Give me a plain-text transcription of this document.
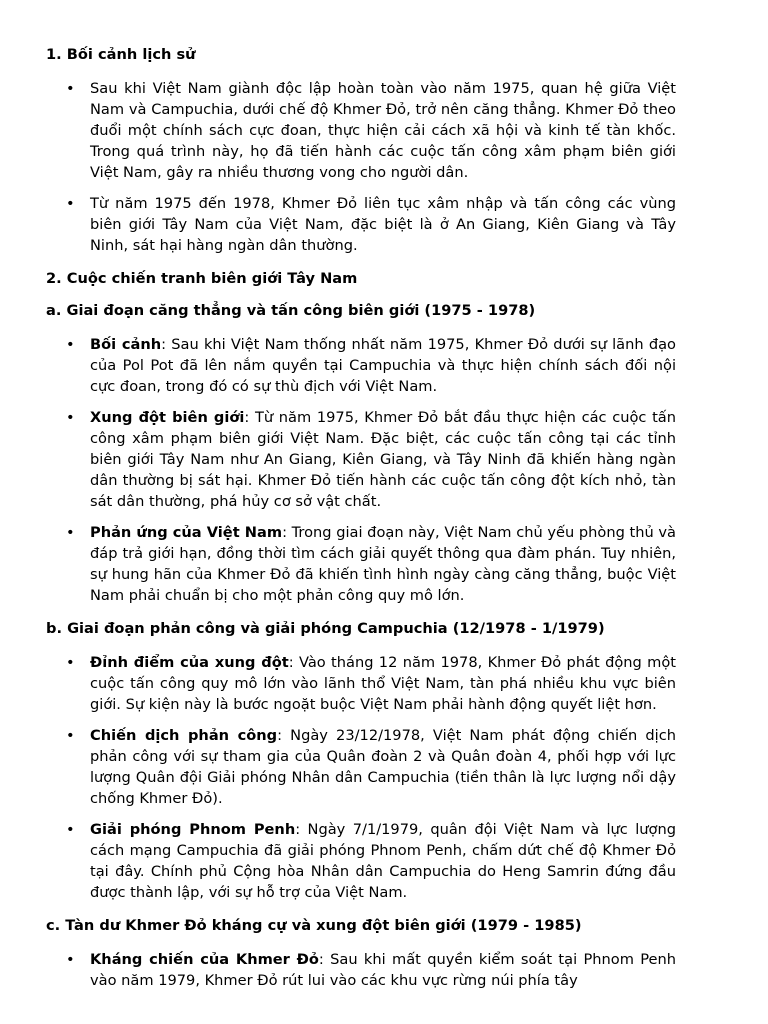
1. Bối cảnh lịch sử
• Sau khi Việt Nam giành độc lập hoàn toàn vào năm 1975, quan hệ giữa Việt Nam và Campuchia, dưới chế độ Khmer Đỏ, trở nên căng thẳng. Khmer Đỏ theo đuổi một chính sách cực đoan, thực hiện cải cách xã hội và kinh tế tàn khốc. Trong quá trình này, họ đã tiến hành các cuộc tấn công xâm phạm biên giới Việt Nam, gây ra nhiều thương vong cho người dân.
• Từ năm 1975 đến 1978, Khmer Đỏ liên tục xâm nhập và tấn công các vùng biên giới Tây Nam của Việt Nam, đặc biệt là ở An Giang, Kiên Giang và Tây Ninh, sát hại hàng ngàn dân thường.
2. Cuộc chiến tranh biên giới Tây Nam
a. Giai đoạn căng thẳng và tấn công biên giới (1975 - 1978)
• Bối cảnh: Sau khi Việt Nam thống nhất năm 1975, Khmer Đỏ dưới sự lãnh đạo của Pol Pot đã lên nắm quyền tại Campuchia và thực hiện chính sách đối nội cực đoan, trong đó có sự thù địch với Việt Nam.
• Xung đột biên giới: Từ năm 1975, Khmer Đỏ bắt đầu thực hiện các cuộc tấn công xâm phạm biên giới Việt Nam. Đặc biệt, các cuộc tấn công tại các tỉnh biên giới Tây Nam như An Giang, Kiên Giang, và Tây Ninh đã khiến hàng ngàn dân thường bị sát hại. Khmer Đỏ tiến hành các cuộc tấn công đột kích nhỏ, tàn sát dân thường, phá hủy cơ sở vật chất.
• Phản ứng của Việt Nam: Trong giai đoạn này, Việt Nam chủ yếu phòng thủ và đáp trả giới hạn, đồng thời tìm cách giải quyết thông qua đàm phán. Tuy nhiên, sự hung hãn của Khmer Đỏ đã khiến tình hình ngày càng căng thẳng, buộc Việt Nam phải chuẩn bị cho một phản công quy mô lớn.
b. Giai đoạn phản công và giải phóng Campuchia (12/1978 - 1/1979)
• Đỉnh điểm của xung đột: Vào tháng 12 năm 1978, Khmer Đỏ phát động một cuộc tấn công quy mô lớn vào lãnh thổ Việt Nam, tàn phá nhiều khu vực biên giới. Sự kiện này là bước ngoặt buộc Việt Nam phải hành động quyết liệt hơn.
• Chiến dịch phản công: Ngày 23/12/1978, Việt Nam phát động chiến dịch phản công với sự tham gia của Quân đoàn 2 và Quân đoàn 4, phối hợp với lực lượng Quân đội Giải phóng Nhân dân Campuchia (tiền thân là lực lượng nổi dậy chống Khmer Đỏ).
• Giải phóng Phnom Penh: Ngày 7/1/1979, quân đội Việt Nam và lực lượng cách mạng Campuchia đã giải phóng Phnom Penh, chấm dứt chế độ Khmer Đỏ tại đây. Chính phủ Cộng hòa Nhân dân Campuchia do Heng Samrin đứng đầu được thành lập, với sự hỗ trợ của Việt Nam.
c. Tàn dư Khmer Đỏ kháng cự và xung đột biên giới (1979 - 1985)
• Kháng chiến của Khmer Đỏ: Sau khi mất quyền kiểm soát tại Phnom Penh vào năm 1979, Khmer Đỏ rút lui vào các khu vực rừng núi phía tây
